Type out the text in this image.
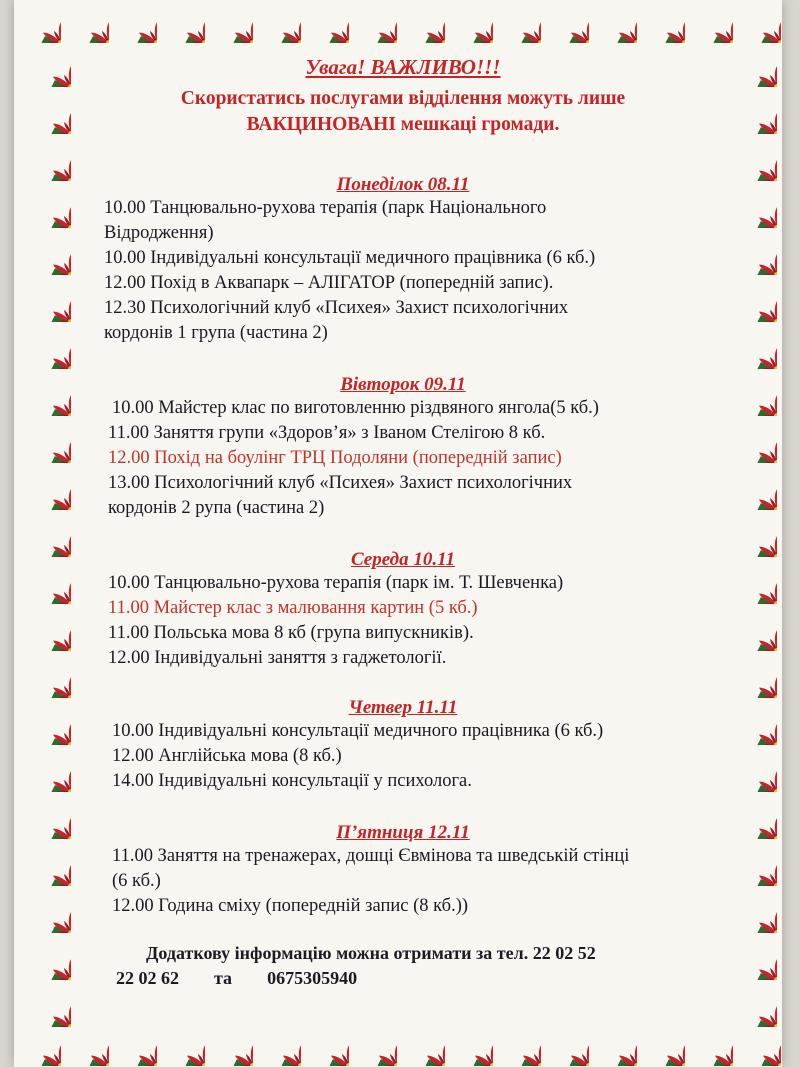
Увага! ВАЖЛИВО!!!

Скористатись послугами відділення можуть лише

ВАКЦИНОВАНІ мешкаці громади.

Понеділок 08.11

10.00 Танцювально-рухова терапія (парк Національного

Відродження)

10.00 Індивідуальні консультації медичного працівника (6 кб.)

12.00 Похід в Аквапарк – АЛІГАТОР (попередній запис).

12.30 Психологічний клуб «Психея» Захист психологічних

кордонів 1 група (частина 2)

Вівторок 09.11

10.00 Майстер клас по виготовленню різдвяного янгола(5 кб.)

11.00 Заняття групи «Здоров’я» з Іваном Стелігою 8 кб.

12.00 Похід на боулінг ТРЦ Подоляни (попередній запис)

13.00 Психологічний клуб «Психея» Захист психологічних

кордонів 2 рупа (частина 2)

Середа 10.11

10.00 Танцювально-рухова терапія (парк ім. Т. Шевченка)

11.00 Майстер клас з малювання картин (5 кб.)

11.00 Польська мова 8 кб (група випускників).

12.00 Індивідуальні заняття з гаджетології.

Четвер 11.11

10.00 Індивідуальні консультації медичного працівника (6 кб.)

12.00 Англійська мова (8 кб.)

14.00 Індивідуальні консультації у психолога.

П’ятниця 12.11

11.00 Заняття на тренажерах, дошці Євмінова та шведській стінці

(6 кб.)

12.00 Година сміху (попередній запис (8 кб.))

Додаткову інформацію можна отримати за тел. 22 02 52

22 02 62 та 0675305940
